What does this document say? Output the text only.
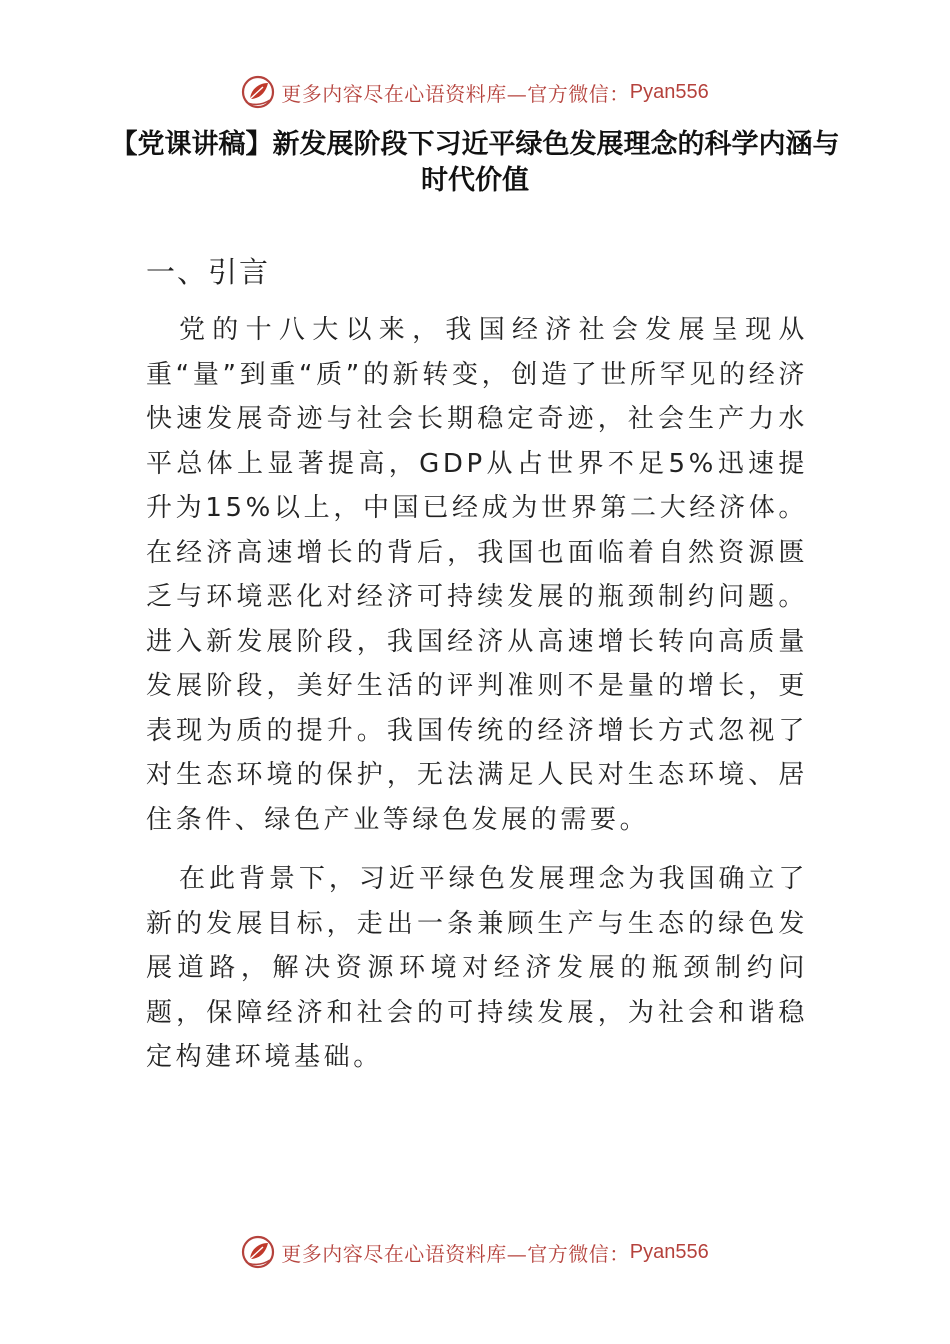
更多内容尽在心语资料库—官方微信： Pyan556
【党课讲稿】新发展阶段下习近平绿色发展理念的科学内涵与时代价值
一、引言

党的十八大以来，我国经济社会发展呈现从重“量”到重“质”的新转变，创造了世所罕见的经济快速发展奇迹与社会长期稳定奇迹，社会生产力水平总体上显著提高，GDP从占世界不足5%迅速提升为15%以上，中国已经成为世界第二大经济体。在经济高速增长的背后，我国也面临着自然资源匮乏与环境恶化对经济可持续发展的瓶颈制约问题。进入新发展阶段，我国经济从高速增长转向高质量发展阶段，美好生活的评判准则不是量的增长，更表现为质的提升。我国传统的经济增长方式忽视了对生态环境的保护，无法满足人民对生态环境、居住条件、绿色产业等绿色发展的需要。

在此背景下，习近平绿色发展理念为我国确立了新的发展目标，走出一条兼顾生产与生态的绿色发展道路，解决资源环境对经济发展的瓶颈制约问题，保障经济和社会的可持续发展，为社会和谐稳定构建环境基础。

更多内容尽在心语资料库—官方微信： Pyan556
